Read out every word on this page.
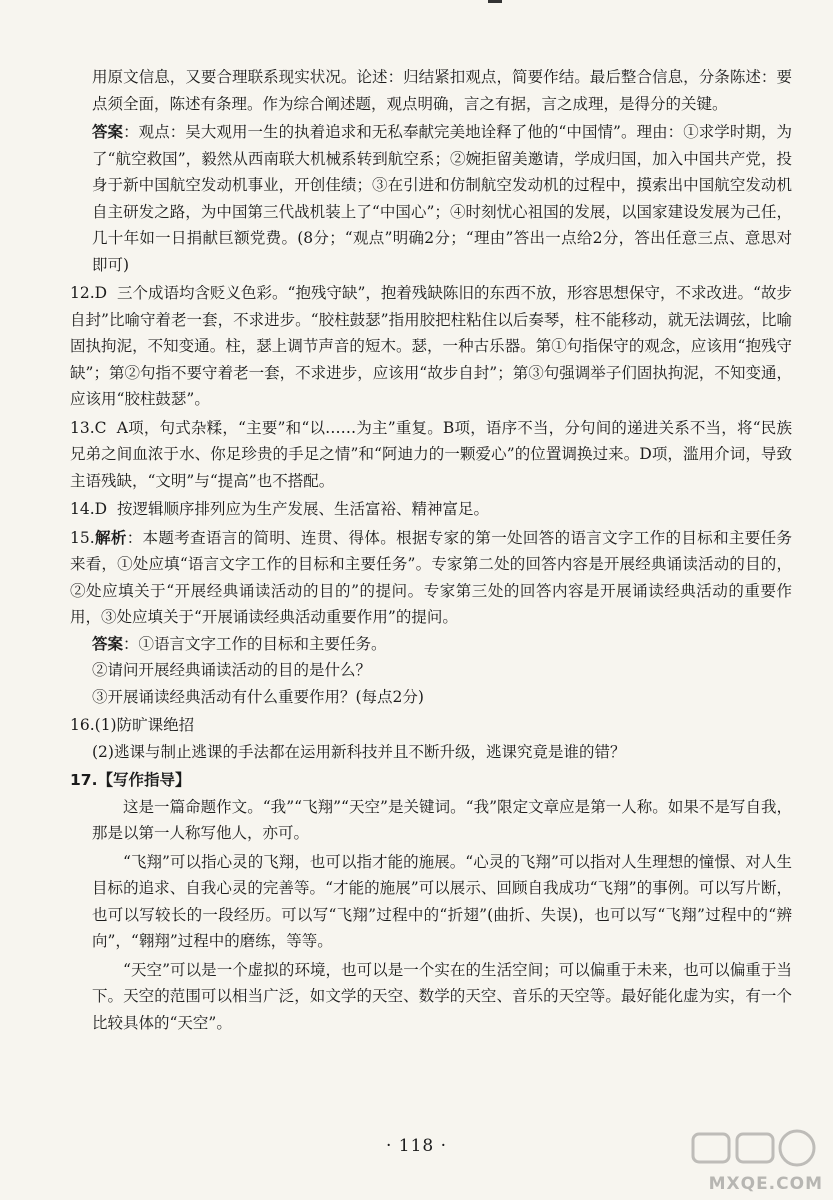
用原文信息，又要合理联系现实状况。论述：归结紧扣观点，简要作结。最后整合信息，分条陈述：要点须全面，陈述有条理。作为综合阐述题，观点明确，言之有据，言之成理，是得分的关键。

答案：观点：吴大观用一生的执着追求和无私奉献完美地诠释了他的“中国情”。理由：①求学时期，为了“航空救国”，毅然从西南联大机械系转到航空系；②婉拒留美邀请，学成归国，加入中国共产党，投身于新中国航空发动机事业，开创佳绩；③在引进和仿制航空发动机的过程中，摸索出中国航空发动机自主研发之路，为中国第三代战机装上了“中国心”；④时刻忧心祖国的发展，以国家建设发展为己任，几十年如一日捐献巨额党费。(8分；“观点”明确2分；“理由”答出一点给2分，答出任意三点、意思对即可)

12.D 三个成语均含贬义色彩。“抱残守缺”，抱着残缺陈旧的东西不放，形容思想保守，不求改进。“故步自封”比喻守着老一套，不求进步。“胶柱鼓瑟”指用胶把柱粘住以后奏琴，柱不能移动，就无法调弦，比喻固执拘泥，不知变通。柱，瑟上调节声音的短木。瑟，一种古乐器。第①句指保守的观念，应该用“抱残守缺”；第②句指不要守着老一套，不求进步，应该用“故步自封”；第③句强调举子们固执拘泥，不知变通，应该用“胶柱鼓瑟”。

13.C A项，句式杂糅，“主要”和“以……为主”重复。B项，语序不当，分句间的递进关系不当，将“民族兄弟之间血浓于水、你足珍贵的手足之情”和“阿迪力的一颗爱心”的位置调换过来。D项，滥用介词，导致主语残缺，“文明”与“提高”也不搭配。

14.D 按逻辑顺序排列应为生产发展、生活富裕、精神富足。

15.解析：本题考查语言的简明、连贯、得体。根据专家的第一处回答的语言文字工作的目标和主要任务来看，①处应填“语言文字工作的目标和主要任务”。专家第二处的回答内容是开展经典诵读活动的目的，②处应填关于“开展经典诵读活动的目的”的提问。专家第三处的回答内容是开展诵读经典活动的重要作用，③处应填关于“开展诵读经典活动重要作用”的提问。

答案：①语言文字工作的目标和主要任务。

②请问开展经典诵读活动的目的是什么？

③开展诵读经典活动有什么重要作用？(每点2分)

16.(1)防旷课绝招

(2)逃课与制止逃课的手法都在运用新科技并且不断升级，逃课究竟是谁的错？

17.【写作指导】

这是一篇命题作文。“我”“飞翔”“天空”是关键词。“我”限定文章应是第一人称。如果不是写自我，那是以第一人称写他人，亦可。

“飞翔”可以指心灵的飞翔，也可以指才能的施展。“心灵的飞翔”可以指对人生理想的憧憬、对人生目标的追求、自我心灵的完善等。“才能的施展”可以展示、回顾自我成功“飞翔”的事例。可以写片断，也可以写较长的一段经历。可以写“飞翔”过程中的“折翅”(曲折、失误)，也可以写“飞翔”过程中的“辨向”，“翱翔”过程中的磨练，等等。

“天空”可以是一个虚拟的环境，也可以是一个实在的生活空间；可以偏重于未来，也可以偏重于当下。天空的范围可以相当广泛，如文学的天空、数学的天空、音乐的天空等。最好能化虚为实，有一个比较具体的“天空”。

· 118 ·
MXQE.COM
